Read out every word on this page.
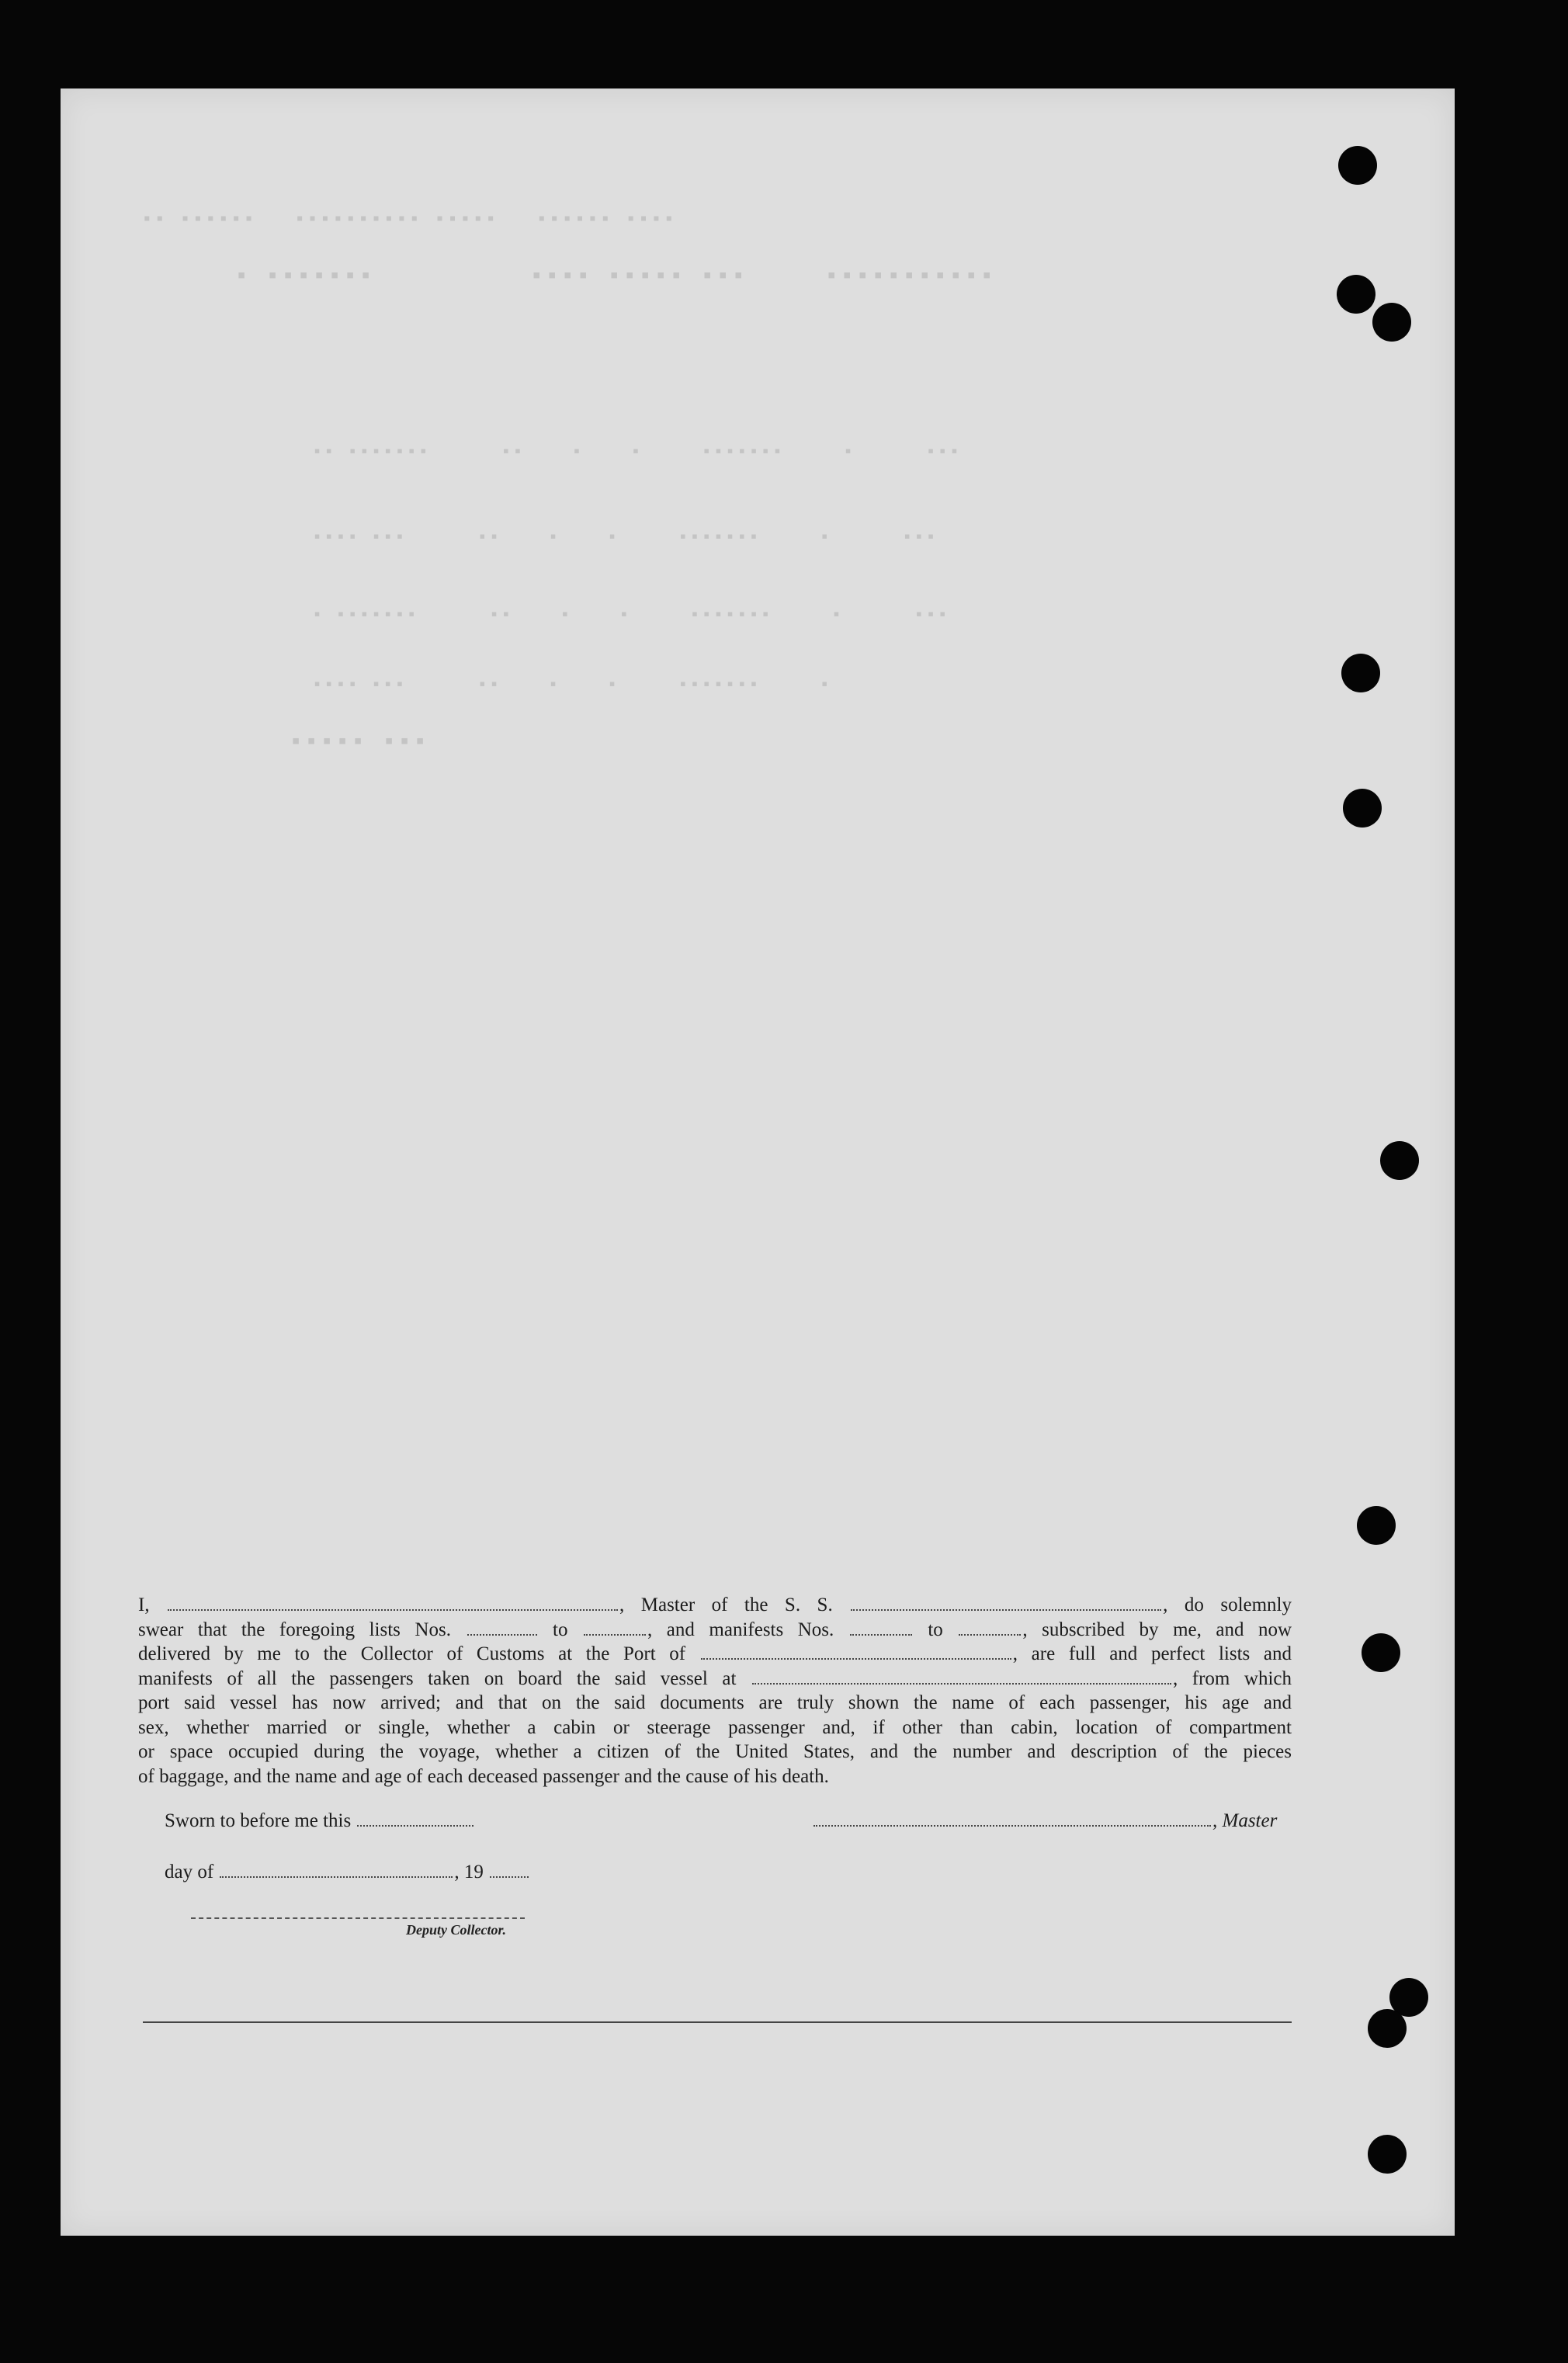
▪▪▪▪ ▪▪▪▪▪▪   ▪▪▪▪▪ ▪▪▪▪▪▪▪▪▪▪   ▪▪▪▪▪▪ ▪▪
▪▪▪▪▪▪▪▪▪▪▪     ▪▪▪ ▪▪▪▪▪ ▪▪▪▪          ▪▪▪▪▪▪▪ ▪
▪▪▪      ▪     ▪▪▪▪▪▪▪     ▪    ▪    ▪▪      ▪▪▪▪▪▪▪ ▪▪
▪▪▪      ▪     ▪▪▪▪▪▪▪     ▪    ▪    ▪▪      ▪▪▪ ▪▪▪▪
▪▪▪      ▪     ▪▪▪▪▪▪▪     ▪    ▪    ▪▪      ▪▪▪▪▪▪▪ ▪
▪     ▪▪▪▪▪▪▪     ▪    ▪    ▪▪      ▪▪▪ ▪▪▪▪
▪▪▪ ▪▪▪▪▪
I,	, Master of the S. S.	, do solemnly
swear that the foregoing lists Nos.	to	, and manifests Nos.	to	, subscribed by me, and now
delivered by me to the Collector of Customs at the Port of	, are full and perfect lists and
manifests of all the passengers taken on board the said vessel at	, from which
port said vessel has now arrived; and that on the said documents are truly shown the name of each passenger, his age and
sex, whether married or single, whether a cabin or steerage passenger and, if other than cabin, location of compartment
or space occupied during the voyage, whether a citizen of the United States, and the number and description of the pieces
of baggage, and the name and age of each deceased passenger and the cause of his death.
Sworn to before me this	, Master
day of	, 19
Deputy Collector.
